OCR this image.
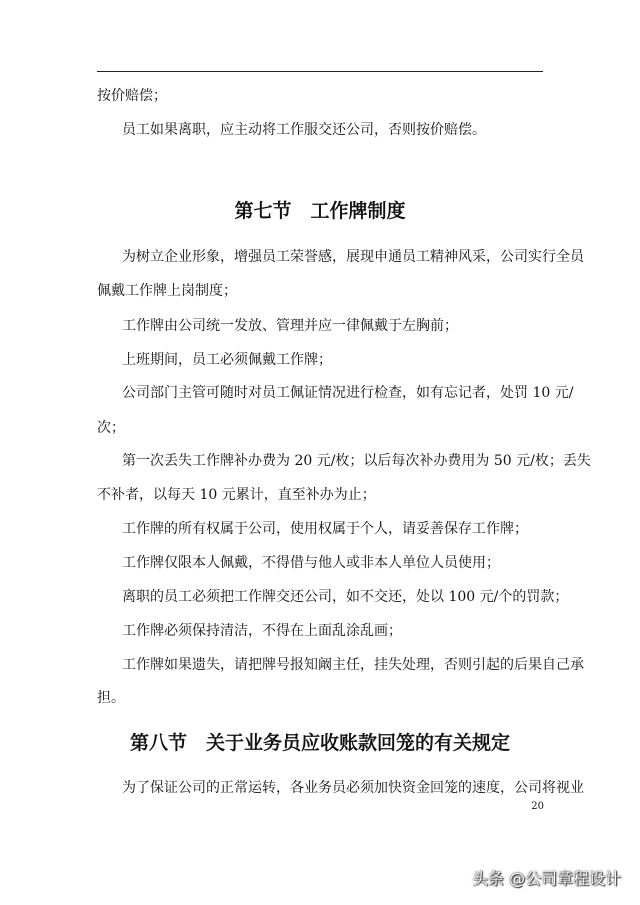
按价赔偿；

员工如果离职，应主动将工作服交还公司，否则按价赔偿。

第七节　工作牌制度

为树立企业形象，增强员工荣誉感，展现申通员工精神风采，公司实行全员

佩戴工作牌上岗制度；

工作牌由公司统一发放、管理并应一律佩戴于左胸前；

上班期间，员工必须佩戴工作牌；

公司部门主管可随时对员工佩证情况进行检查，如有忘记者，处罚 10 元/

次；

第一次丢失工作牌补办费为 20 元/枚；以后每次补办费用为 50 元/枚；丢失

不补者，以每天 10 元累计，直至补办为止；

工作牌的所有权属于公司，使用权属于个人，请妥善保存工作牌；

工作牌仅限本人佩戴，不得借与他人或非本人单位人员使用；

离职的员工必须把工作牌交还公司，如不交还，处以 100 元/个的罚款；

工作牌必须保持清洁，不得在上面乱涂乱画；

工作牌如果遗失，请把牌号报知阚主任，挂失处理，否则引起的后果自己承

担。

第八节　关于业务员应收账款回笼的有关规定

为了保证公司的正常运转，各业务员必须加快资金回笼的速度，公司将视业

20
头条 @公司章程设计
